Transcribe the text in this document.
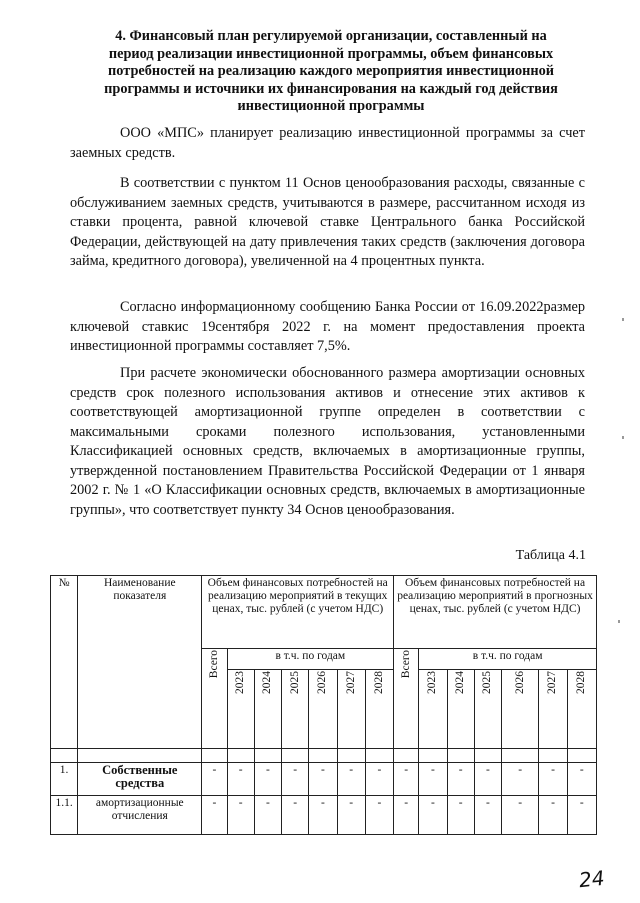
4. Финансовый план регулируемой организации, составленный на период реализации инвестиционной программы, объем финансовых потребностей на реализацию каждого мероприятия инвестиционной программы и источники их финансирования на каждый год действия инвестиционной программы

ООО «МПС» планирует реализацию инвестиционной программы за счет заемных средств.

В соответствии с пунктом 11 Основ ценообразования расходы, связанные с обслуживанием заемных средств, учитываются в размере, рассчитанном исходя из ставки процента, равной ключевой ставке Центрального банка Российской Федерации, действующей на дату привлечения таких средств (заключения договора займа, кредитного договора), увеличенной на 4 процентных пункта.

Согласно информационному сообщению Банка России от 16.09.2022размер ключевой ставкис 19сентября 2022 г. на момент предоставления проекта инвестиционной программы составляет 7,5%.

При расчете экономически обоснованного размера амортизации основных средств срок полезного использования активов и отнесение этих активов к соответствующей амортизационной группе определен в соответствии с максимальными сроками полезного использования, установленными Классификацией основных средств, включаемых в амортизационные группы, утвержденной постановлением Правительства Российской Федерации от 1 января 2002 г. № 1 «О Классификации основных средств, включаемых в амортизационные группы», что соответствует пункту 34 Основ ценообразования.

Таблица 4.1
№	Наименование показателя	Объем финансовых потребностей на реализацию мероприятий в текущих ценах, тыс. рублей (с учетом НДС)							Объем финансовых потребностей на реализацию мероприятий в прогнозных ценах, тыс. рублей (с учетом НДС)						
		Всего	в т.ч. по годам						Всего	в т.ч. по годам					
			2023	2024	2025	2026	2027	2028		2023	2024	2025	2026	2027	2028

1.	Собственные средства	-	-	-	-	-	-	-	-	-	-	-	-	-	-
1.1.	амортизационные отчисления	-	-	-	-	-	-	-	-	-	-	-	-	-	-
24
